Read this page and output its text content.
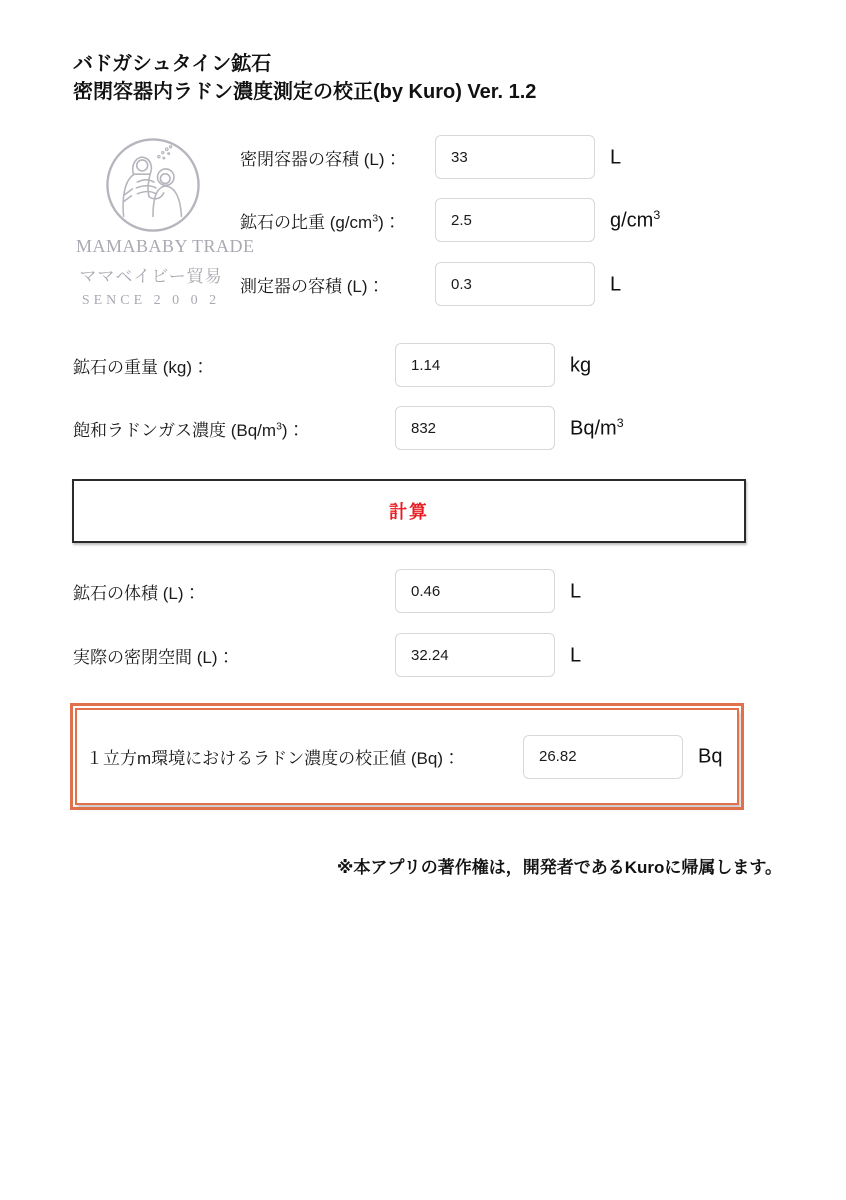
バドガシュタイン鉱石
密閉容器内ラドン濃度測定の校正(by Kuro) Ver. 1.2
MAMABABY TRADE
ママベイビー貿易
SENCE 2 0 0 2
密閉容器の容積 (L)：
33	L
鉱石の比重 $(g/cm^3)$：
2.5	$g/cm^3$
測定器の容積 (L)：
0.3	L
鉱石の重量 (kg)：
1.14	kg
飽和ラドンガス濃度 $(Bq/m^3)$：
832	$Bq/m^3$
計算
鉱石の体積 (L)：
0.46	L
実際の密閉空間 (L)：
32.24	L
１立方m環境におけるラドン濃度の校正値 (Bq)：
26.82	Bq
※本アプリの著作権は，開発者であるKuroに帰属します。
